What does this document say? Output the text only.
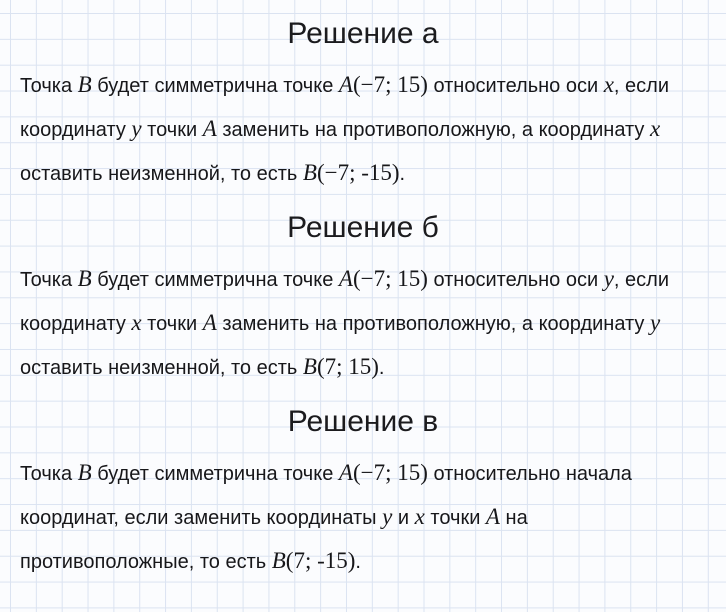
Решение а
Точка B будет симметрична точке A(−7; 15) относительно оси x, если
координату y точки A заменить на противоположную, а координату x
оставить неизменной, то есть B(−7; -15).
Решение б
Точка B будет симметрична точке A(−7; 15) относительно оси y, если
координату x точки A заменить на противоположную, а координату y
оставить неизменной, то есть B(7; 15).
Решение в
Точка B будет симметрична точке A(−7; 15) относительно начала
координат, если заменить координаты y и x точки A на
противоположные, то есть B(7; -15).
